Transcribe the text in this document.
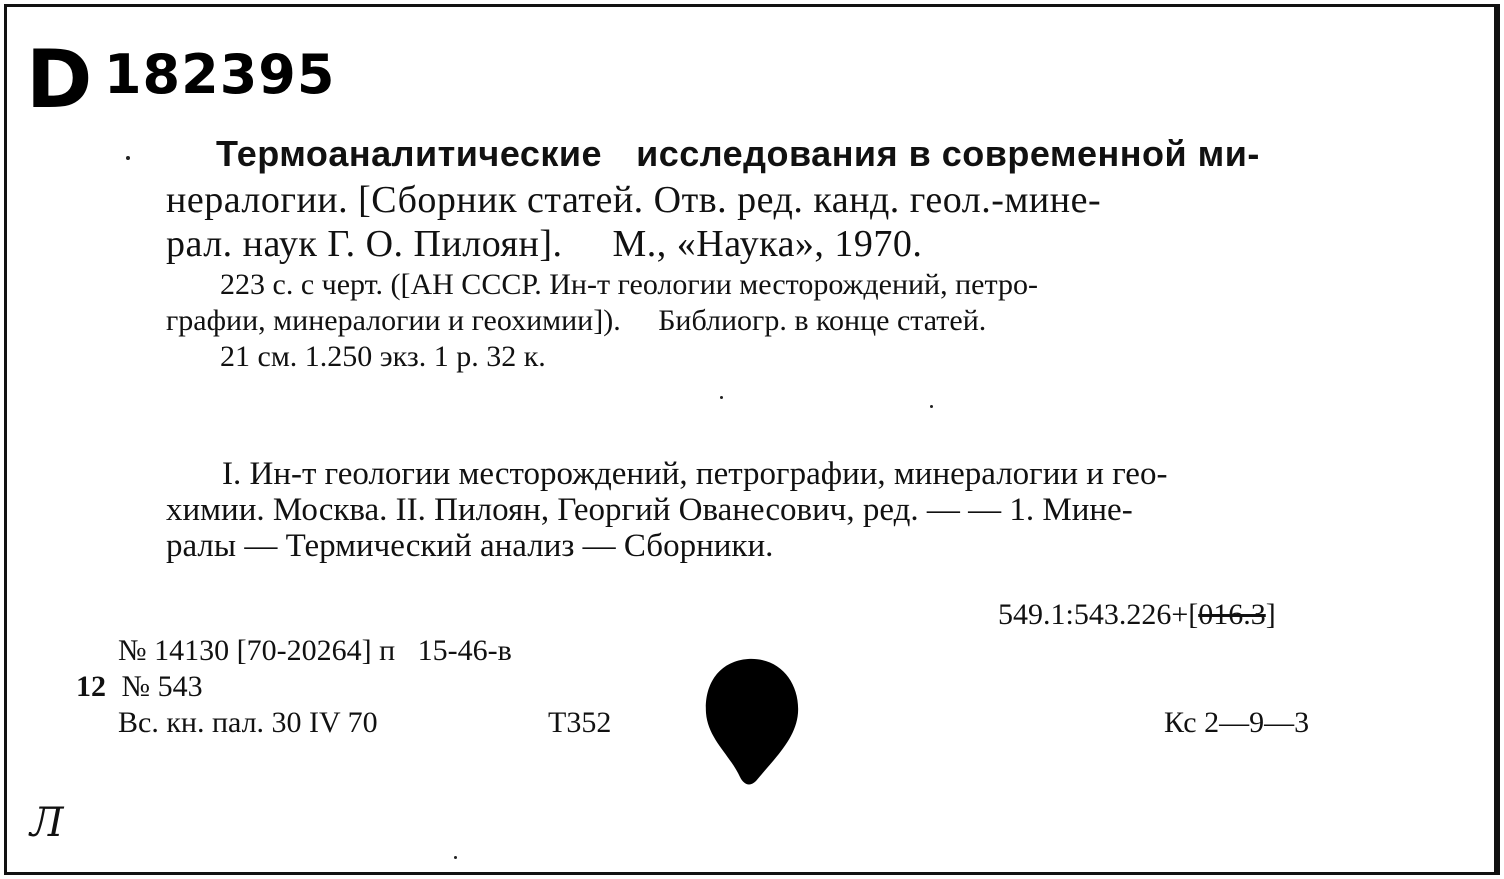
D 182395
Термоаналитические исследования в современной ми-
нералогии. [Сборник статей. Отв. ред. канд. геол.-мине-
рал. наук Г. О. Пилоян].     М., «Наука», 1970.
223 с. с черт. ([АН СССР. Ин-т геологии месторождений, петро-
графии, минералогии и геохимии]).     Библиогр. в конце статей.
21 см. 1.250 экз. 1 р. 32 к.
I. Ин-т геологии месторождений, петрографии, минералогии и гео-
химии. Москва. II. Пилоян, Георгий Ованесович, ред. — — 1. Мине-
ралы — Термический анализ — Сборники.
549.1:543.226+[016.3]
№ 14130 [70-20264] п   15-46-в
12 № 543
Вс. кн. пал. 30 IV 70	Т352	Кс 2—9—3
Л
